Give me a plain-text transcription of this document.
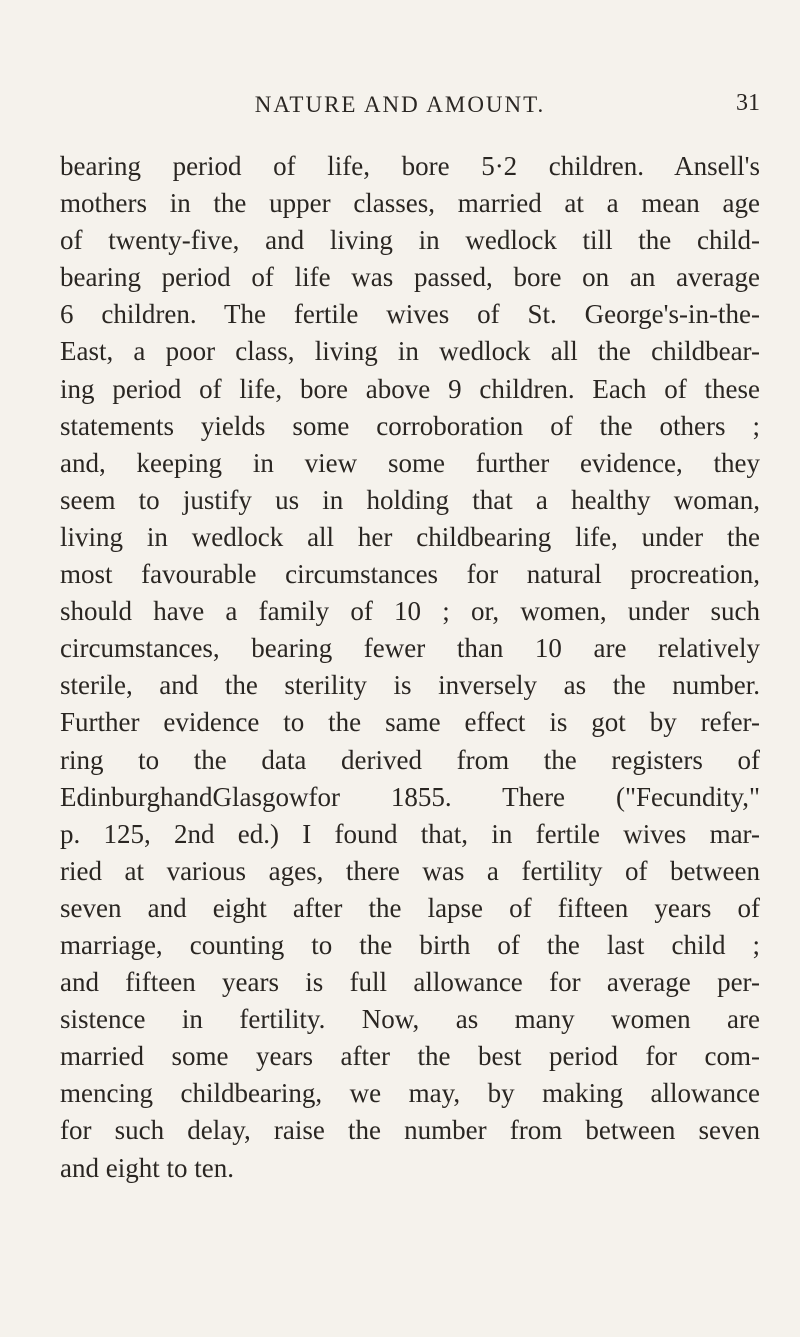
NATURE AND AMOUNT.	31
bearing period of life, bore 5·2 children. Ansell's
mothers in the upper classes, married at a mean age
of twenty-five, and living in wedlock till the child-
bearing period of life was passed, bore on an average
6 children. The fertile wives of St. George's-in-the-
East, a poor class, living in wedlock all the childbear-
ing period of life, bore above 9 children. Each of these
statements yields some corroboration of the others ;
and, keeping in view some further evidence, they
seem to justify us in holding that a healthy woman,
living in wedlock all her childbearing life, under the
most favourable circumstances for natural procreation,
should have a family of 10 ; or, women, under such
circumstances, bearing fewer than 10 are relatively
sterile, and the sterility is inversely as the number.
Further evidence to the same effect is got by refer-
ring to the data derived from the registers of
EdinburghandGlasgowfor 1855. There ("Fecundity,"
p. 125, 2nd ed.) I found that, in fertile wives mar-
ried at various ages, there was a fertility of between
seven and eight after the lapse of fifteen years of
marriage, counting to the birth of the last child ;
and fifteen years is full allowance for average per-
sistence in fertility. Now, as many women are
married some years after the best period for com-
mencing childbearing, we may, by making allowance
for such delay, raise the number from between seven
and eight to ten.
